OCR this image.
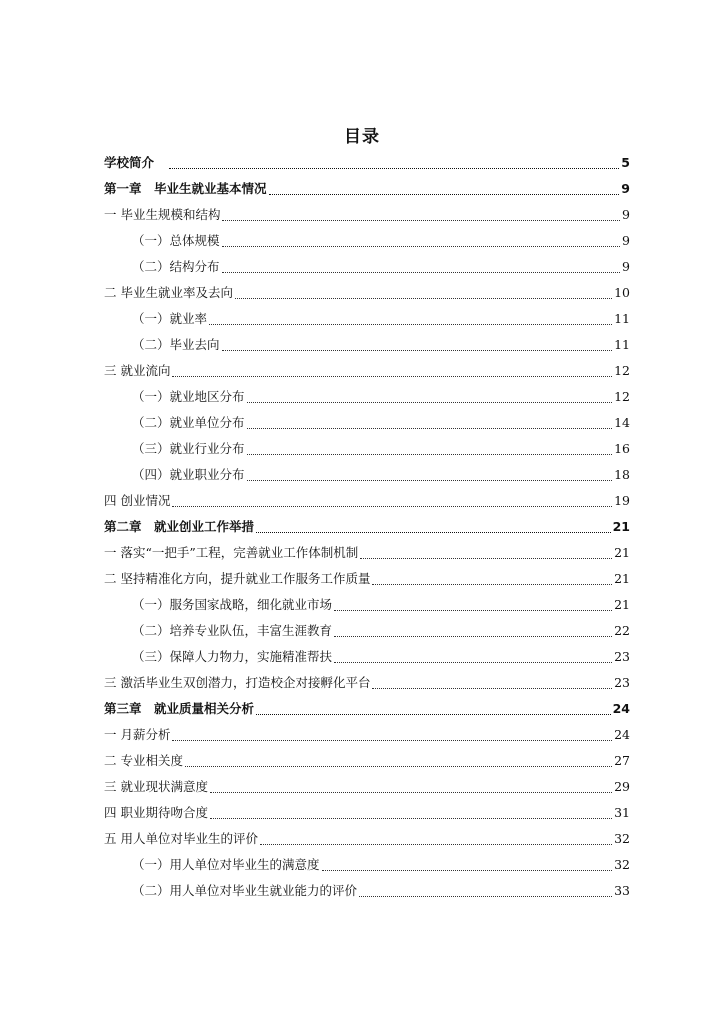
目录
学校简介　	5
第一章　毕业生就业基本情况	9
一 毕业生规模和结构	9
（一）总体规模	9
（二）结构分布	9
二 毕业生就业率及去向	10
（一）就业率	11
（二）毕业去向	11
三 就业流向	12
（一）就业地区分布	12
（二）就业单位分布	14
（三）就业行业分布	16
（四）就业职业分布	18
四 创业情况	19
第二章　就业创业工作举措	21
一 落实“一把手”工程，完善就业工作体制机制	21
二 坚持精准化方向，提升就业工作服务工作质量	21
（一）服务国家战略，细化就业市场	21
（二）培养专业队伍，丰富生涯教育	22
（三）保障人力物力，实施精准帮扶	23
三 激活毕业生双创潜力，打造校企对接孵化平台	23
第三章　就业质量相关分析	24
一 月薪分析	24
二 专业相关度	27
三 就业现状满意度	29
四 职业期待吻合度	31
五 用人单位对毕业生的评价	32
（一）用人单位对毕业生的满意度	32
（二）用人单位对毕业生就业能力的评价	33
